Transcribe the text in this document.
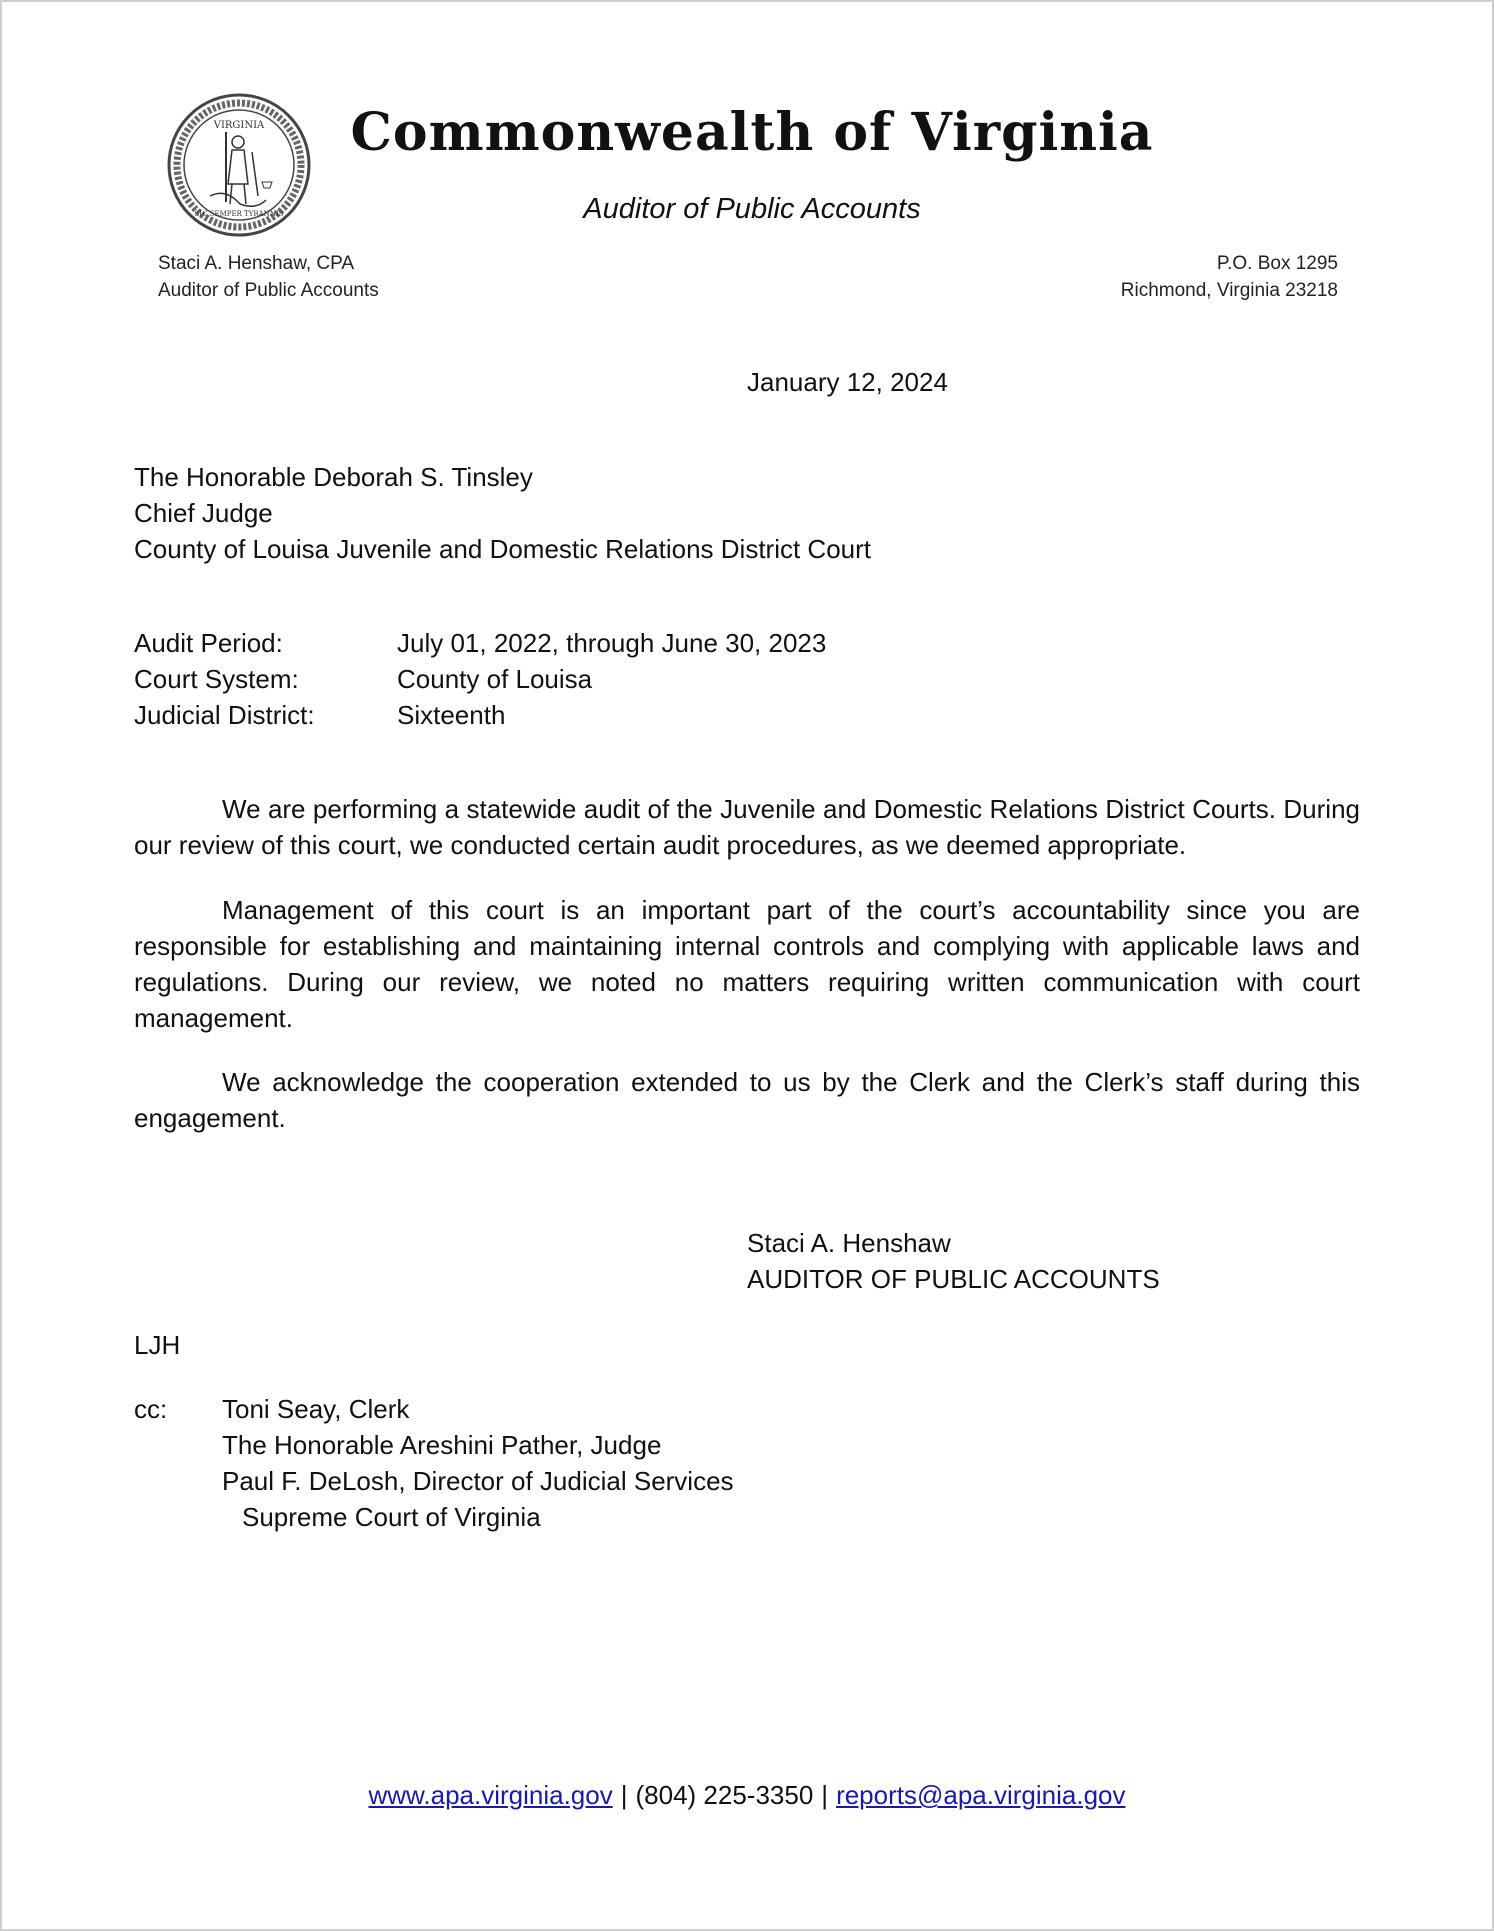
VIRGINIA
SIC SEMPER TYRANNIS
Commonwealth of Virginia
Auditor of Public Accounts
Staci A. Henshaw, CPA
Auditor of Public Accounts
P.O. Box 1295
Richmond, Virginia 23218
January 12, 2024
The Honorable Deborah S. Tinsley
Chief Judge
County of Louisa Juvenile and Domestic Relations District Court
Audit Period:	July 01, 2022, through June 30, 2023
Court System:	County of Louisa
Judicial District:	Sixteenth
We are performing a statewide audit of the Juvenile and Domestic Relations District Courts. During our review of this court, we conducted certain audit procedures, as we deemed appropriate.
Management of this court is an important part of the court’s accountability since you are responsible for establishing and maintaining internal controls and complying with applicable laws and regulations. During our review, we noted no matters requiring written communication with court management.
We acknowledge the cooperation extended to us by the Clerk and the Clerk’s staff during this engagement.
Staci A. Henshaw
AUDITOR OF PUBLIC ACCOUNTS
LJH
cc:	Toni Seay, Clerk
The Honorable Areshini Pather, Judge
Paul F. DeLosh, Director of Judicial Services
Supreme Court of Virginia
www.apa.virginia.gov | (804) 225-3350 | reports@apa.virginia.gov
